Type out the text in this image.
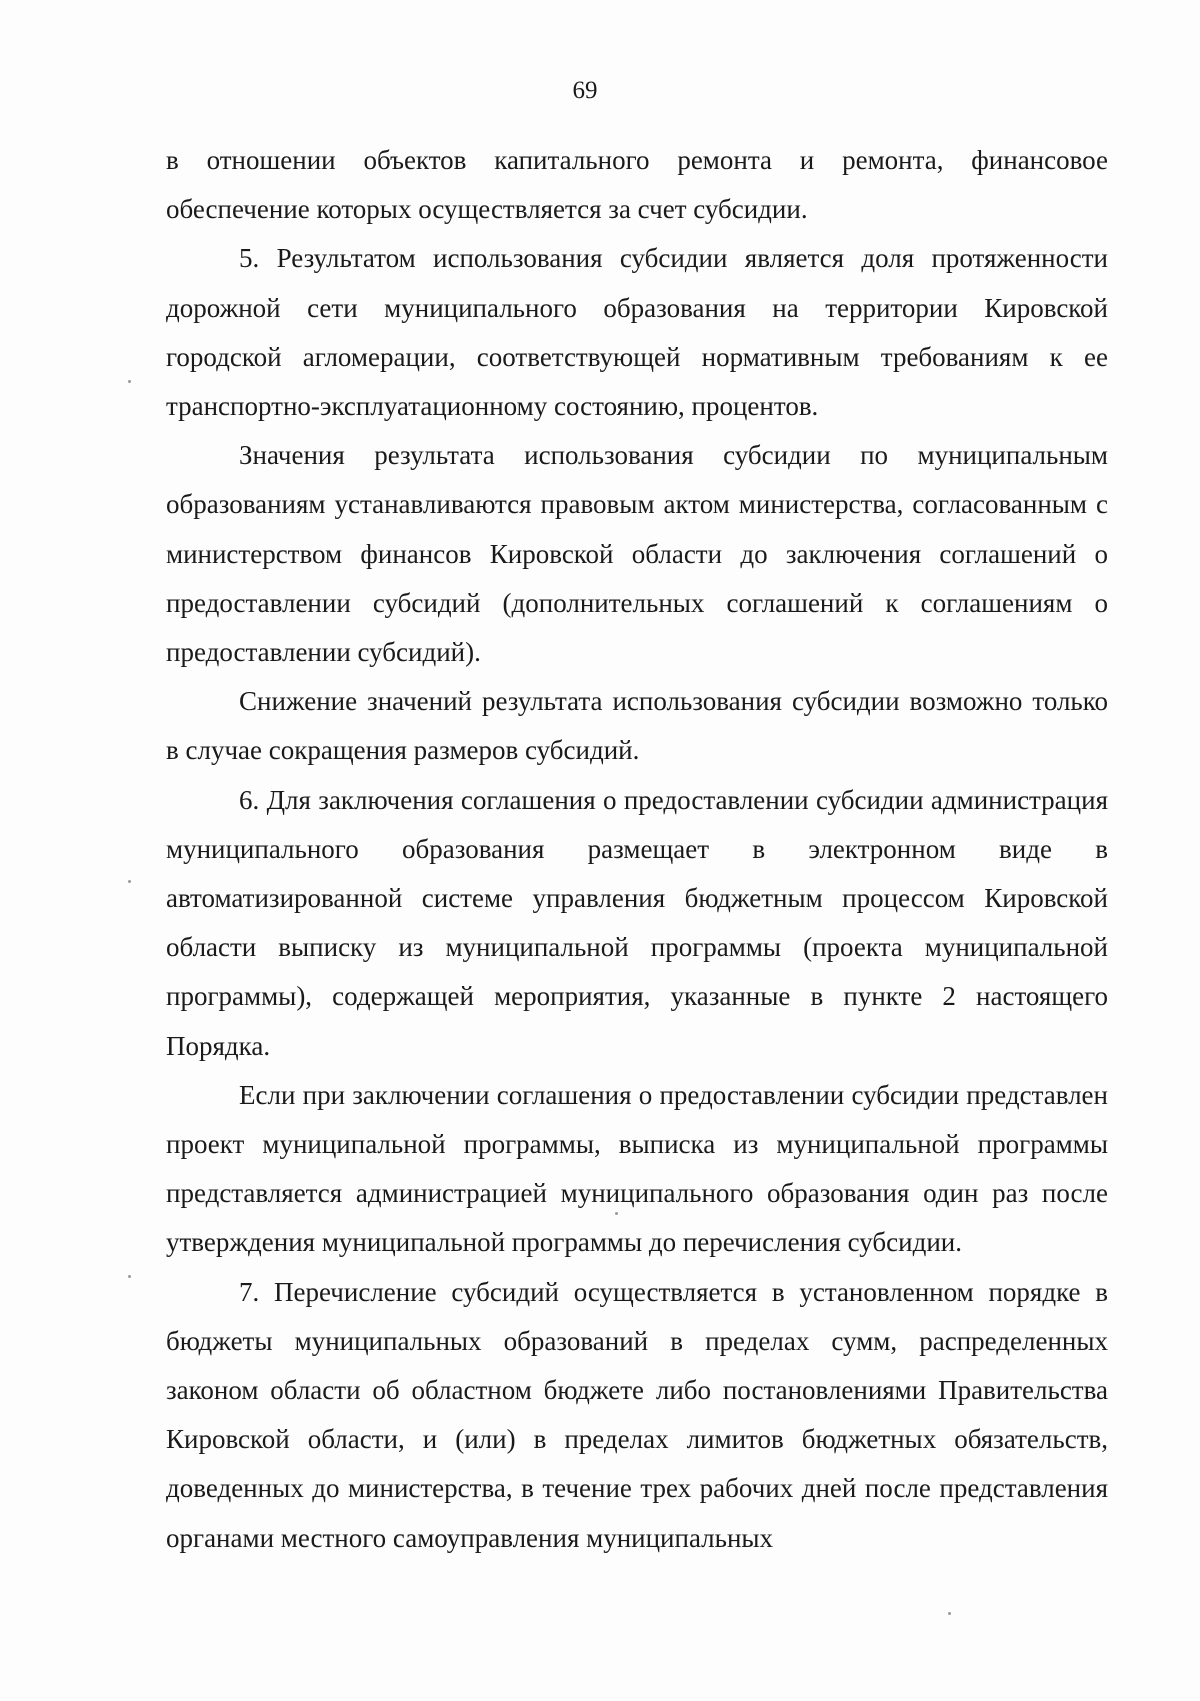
69

в отношении объектов капитального ремонта и ремонта, финансовое обеспечение которых осуществляется за счет субсидии.

5. Результатом использования субсидии является доля протяженности дорожной сети муниципального образования на территории Кировской городской агломерации, соответствующей нормативным требованиям к ее транспортно-эксплуатационному состоянию, процентов.

Значения результата использования субсидии по муниципальным образованиям устанавливаются правовым актом министерства, согласованным с министерством финансов Кировской области до заключения соглашений о предоставлении субсидий (дополнительных соглашений к соглашениям о предоставлении субсидий).

Снижение значений результата использования субсидии возможно только в случае сокращения размеров субсидий.

6. Для заключения соглашения о предоставлении субсидии администрация муниципального образования размещает в электронном виде в автоматизированной системе управления бюджетным процессом Кировской области выписку из муниципальной программы (проекта муниципальной программы), содержащей мероприятия, указанные в пункте 2 настоящего Порядка.

Если при заключении соглашения о предоставлении субсидии представлен проект муниципальной программы, выписка из муниципальной программы представляется администрацией муниципального образования один раз после утверждения муниципальной программы до перечисления субсидии.

7. Перечисление субсидий осуществляется в установленном порядке в бюджеты муниципальных образований в пределах сумм, распределенных законом области об областном бюджете либо постановлениями Правительства Кировской области, и (или) в пределах лимитов бюджетных обязательств, доведенных до министерства, в течение трех рабочих дней после представления органами местного самоуправления муниципальных
